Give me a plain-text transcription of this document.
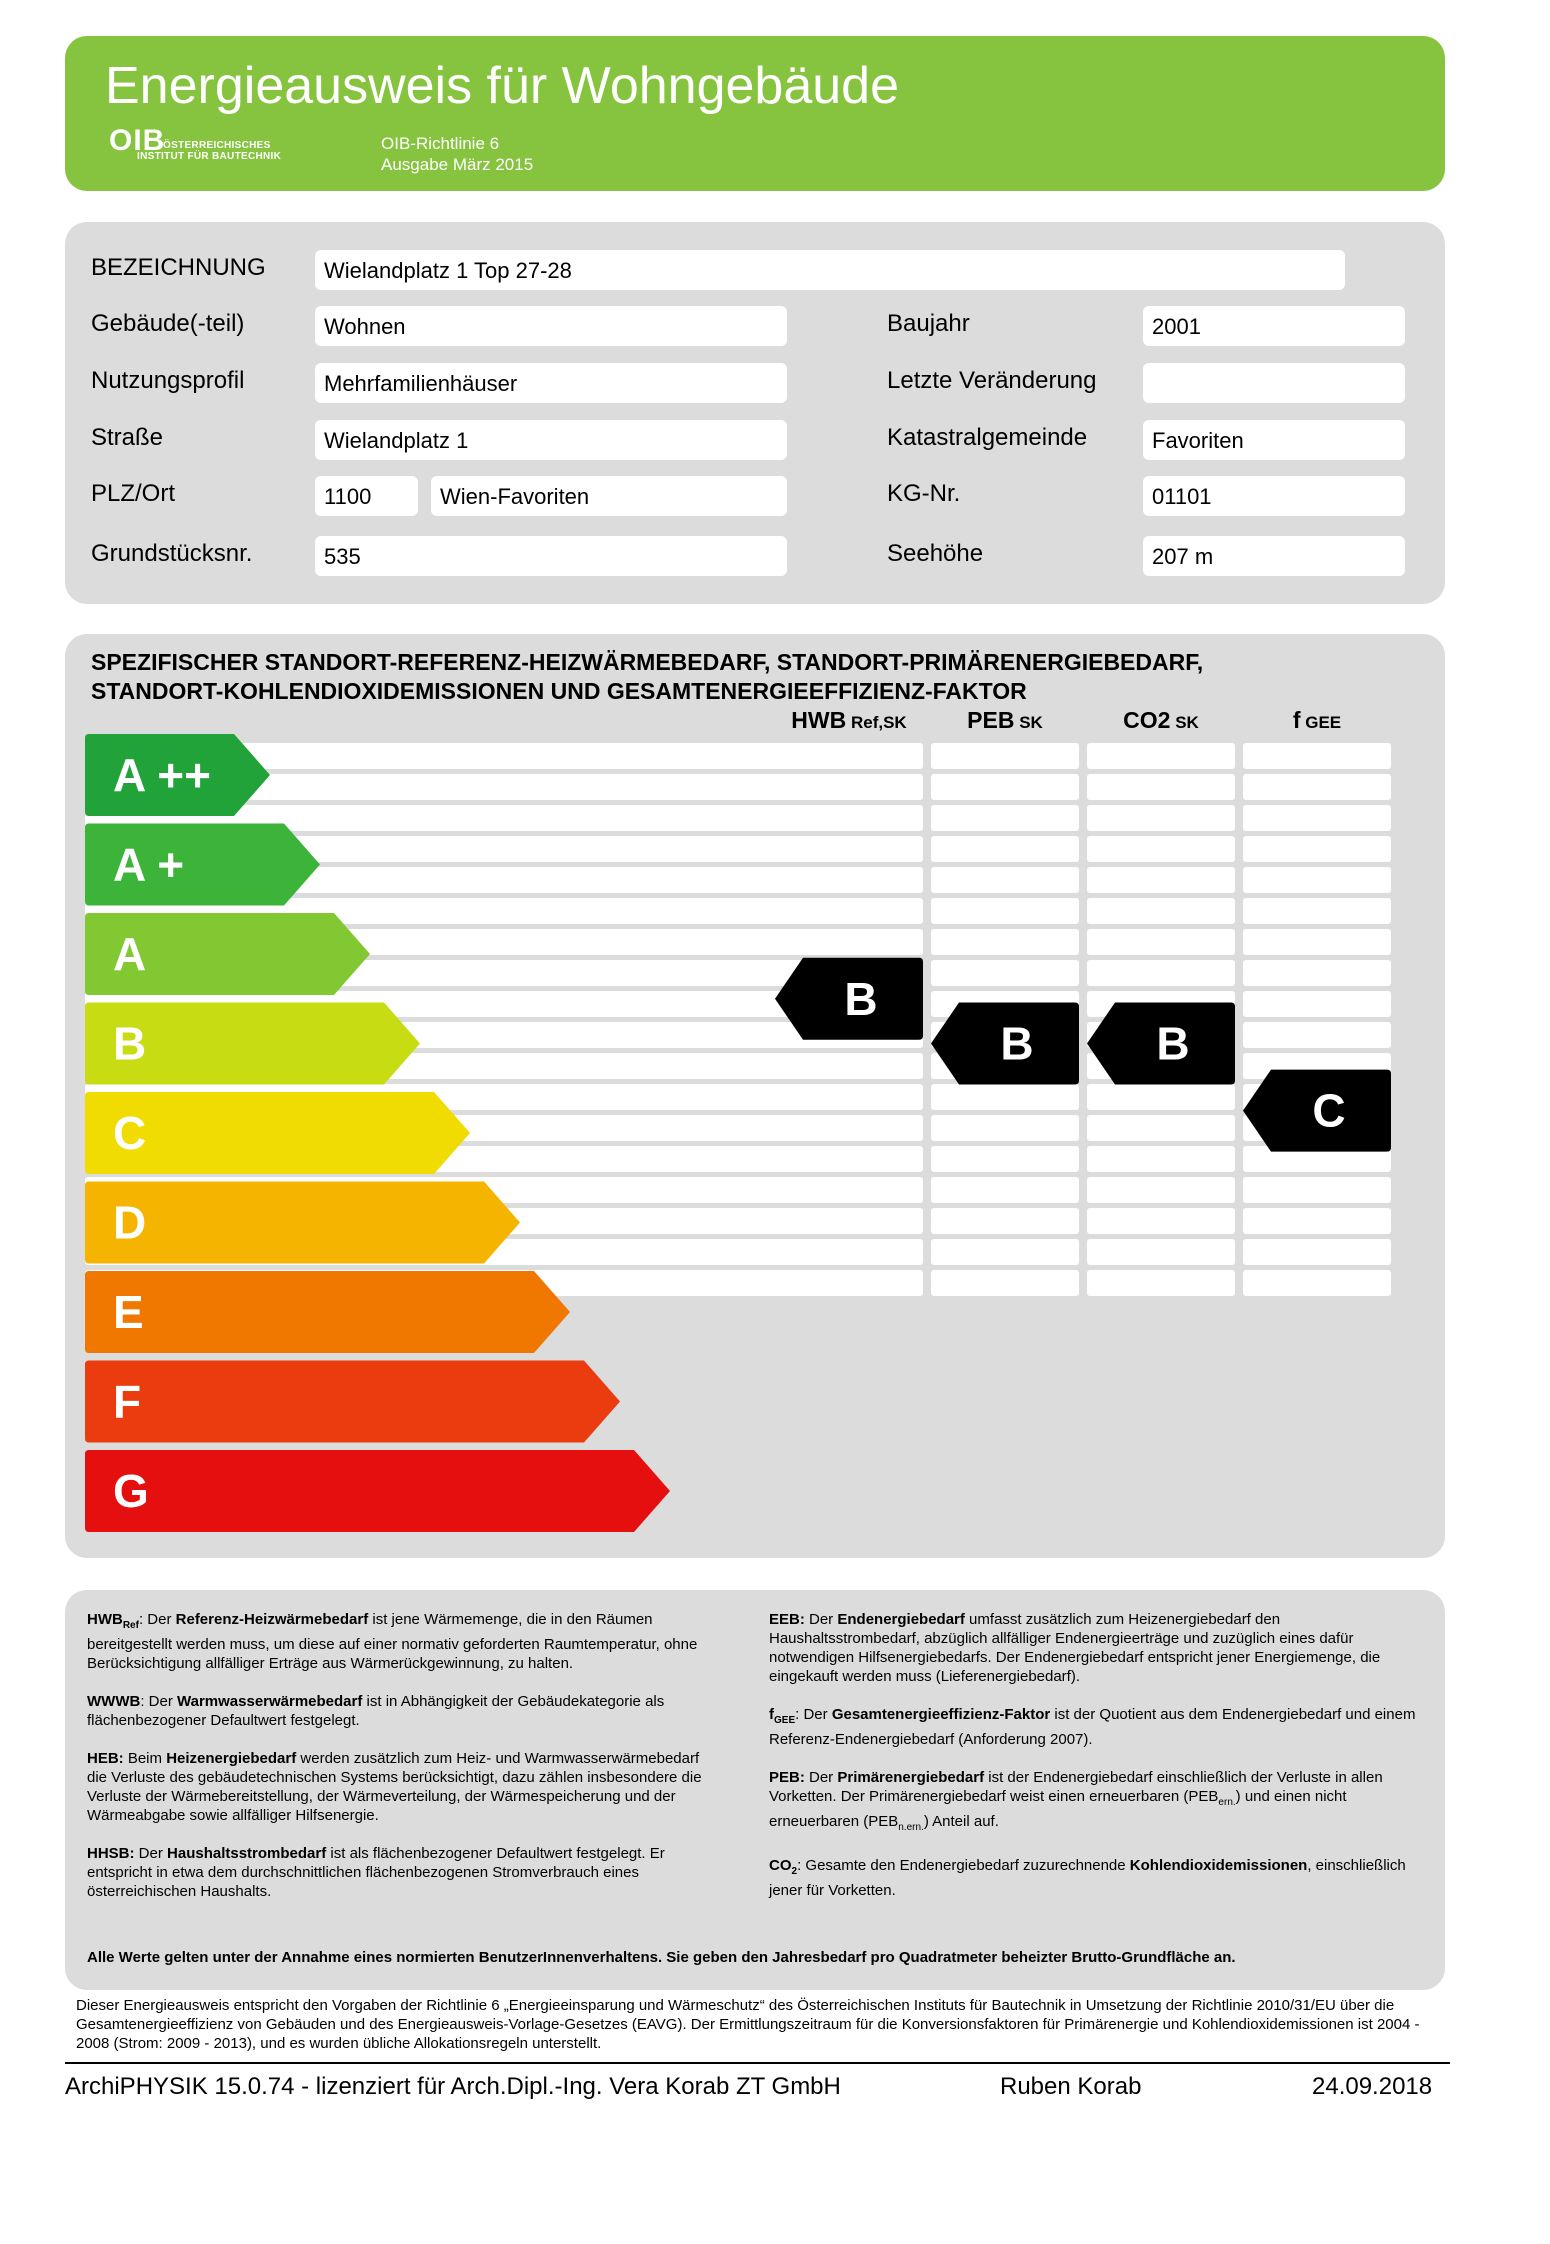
Energieausweis für Wohngebäude
OIB
ÖSTERREICHISCHES
INSTITUT FÜR BAUTECHNIK
OIB-Richtlinie 6
Ausgabe März 2015
BEZEICHNUNG	Wielandplatz 1 Top 27-28
Gebäude(-teil)	Wohnen
Nutzungsprofil	Mehrfamilienhäuser
Straße	Wielandplatz 1
PLZ/Ort	1100	Wien-Favoriten
Grundstücksnr.	535
Baujahr	2001
Letzte Veränderung
Katastralgemeinde	Favoriten
KG-Nr.	01101
Seehöhe	207 m
SPEZIFISCHER STANDORT-REFERENZ-HEIZWÄRMEBEDARF, STANDORT-PRIMÄRENERGIEBEDARF,
STANDORT-KOHLENDIOXIDEMISSIONEN UND GESAMTENERGIEEFFIZIENZ-FAKTOR
HWB Ref,SK	PEB SK	CO2 SK	f GEE
A ++
A +
A
B
C
D
E
F
G
B
B	B
C
$HWB_{Ref}$: Der Referenz-Heizwärmebedarf ist jene Wärmemenge, die in den Räumen bereitgestellt werden muss, um diese auf einer normativ geforderten Raumtemperatur, ohne Berücksichtigung allfälliger Erträge aus Wärmerückgewinnung, zu halten.
WWWB: Der Warmwasserwärmebedarf ist in Abhängigkeit der Gebäudekategorie als flächenbezogener Defaultwert festgelegt.
HEB: Beim Heizenergiebedarf werden zusätzlich zum Heiz- und Warmwasserwärmebedarf die Verluste des gebäudetechnischen Systems berücksichtigt, dazu zählen insbesondere die Verluste der Wärmebereitstellung, der Wärmeverteilung, der Wärmespeicherung und der Wärmeabgabe sowie allfälliger Hilfsenergie.
HHSB: Der Haushaltsstrombedarf ist als flächenbezogener Defaultwert festgelegt. Er entspricht in etwa dem durchschnittlichen flächenbezogenen Stromverbrauch eines österreichischen Haushalts.
EEB: Der Endenergiebedarf umfasst zusätzlich zum Heizenergiebedarf den Haushaltsstrombedarf, abzüglich allfälliger Endenergieerträge und zuzüglich eines dafür notwendigen Hilfsenergiebedarfs. Der Endenergiebedarf entspricht jener Energiemenge, die eingekauft werden muss (Lieferenergiebedarf).
$f_{GEE}$: Der Gesamtenergieeffizienz-Faktor ist der Quotient aus dem Endenergiebedarf und einem Referenz-Endenergiebedarf (Anforderung 2007).
PEB: Der Primärenergiebedarf ist der Endenergiebedarf einschließlich der Verluste in allen Vorketten. Der Primärenergiebedarf weist einen erneuerbaren $(PEB_{ern.})$ und einen nicht erneuerbaren $(PEB_{n.ern.})$ Anteil auf.
$CO_2$: Gesamte den Endenergiebedarf zuzurechnende Kohlendioxidemissionen, einschließlich jener für Vorketten.
Alle Werte gelten unter der Annahme eines normierten BenutzerInnenverhaltens. Sie geben den Jahresbedarf pro Quadratmeter beheizter Brutto-Grundfläche an.
Dieser Energieausweis entspricht den Vorgaben der Richtlinie 6 „Energieeinsparung und Wärmeschutz“ des Österreichischen Instituts für Bautechnik in Umsetzung der Richtlinie 2010/31/EU über die Gesamtenergieeffizienz von Gebäuden und des Energieausweis-Vorlage-Gesetzes (EAVG). Der Ermittlungszeitraum für die Konversionsfaktoren für Primärenergie und Kohlendioxidemissionen ist 2004 - 2008 (Strom: 2009 - 2013), und es wurden übliche Allokationsregeln unterstellt.
ArchiPHYSIK 15.0.74 - lizenziert für Arch.Dipl.-Ing. Vera Korab ZT GmbH	Ruben Korab	24.09.2018
